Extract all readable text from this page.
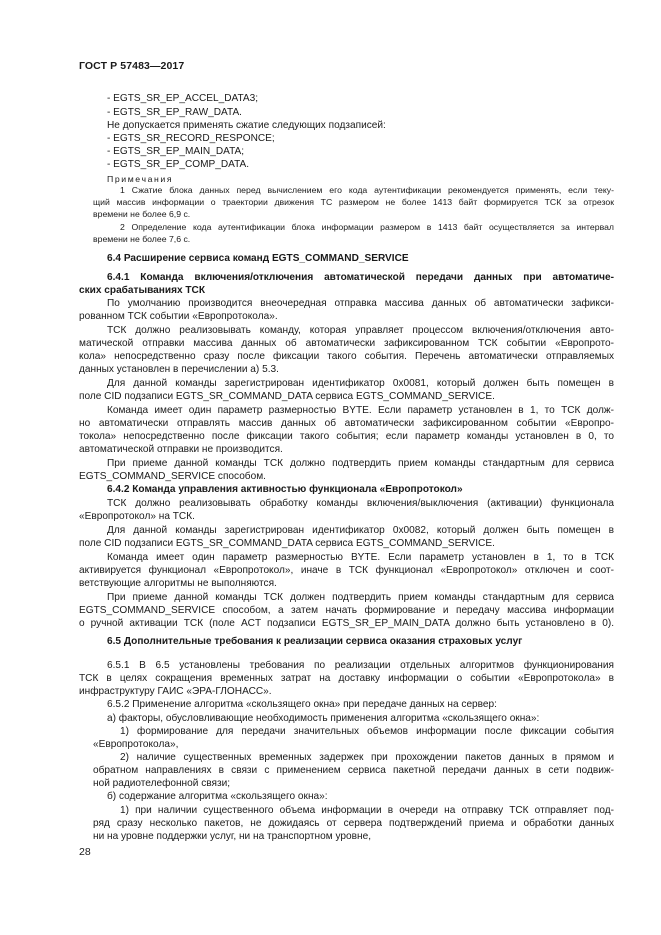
ГОСТ Р 57483—2017
- EGTS_SR_EP_ACCEL_DATA3;
- EGTS_SR_EP_RAW_DATA.
Не допускается применять сжатие следующих подзаписей:
- EGTS_SR_RECORD_RESPONCE;
- EGTS_SR_EP_MAIN_DATA;
- EGTS_SR_EP_COMP_DATA.
Примечания
1 Сжатие блока данных перед вычислением его кода аутентификации рекомендуется применять, если теку-
щий массив информации о траектории движения ТС размером не более 1413 байт формируется ТСК за отрезок
времени не более 6,9 с.
2 Определение кода аутентификации блока информации размером в 1413 байт осуществляется за интервал
времени не более 7,6 с.
6.4 Расширение сервиса команд EGTS_COMMAND_SERVICE
6.4.1 Команда включения/отключения автоматической передачи данных при автоматиче-
ских срабатываниях ТСК
По умолчанию производится внеочередная отправка массива данных об автоматически зафикси-
рованном ТСК событии «Европротокола».
ТСК должно реализовывать команду, которая управляет процессом включения/отключения авто-
матической отправки массива данных об автоматически зафиксированном ТСК событии «Европрото-
кола» непосредственно сразу после фиксации такого события. Перечень автоматически отправляемых
данных установлен в перечислении а) 5.3.
Для данной команды зарегистрирован идентификатор 0x0081, который должен быть помещен в
поле CID подзаписи EGTS_SR_COMMAND_DATA сервиса EGTS_COMMAND_SERVICE.
Команда имеет один параметр размерностью BYTE. Если параметр установлен в 1, то ТСК долж-
но автоматически отправлять массив данных об автоматически зафиксированном событии «Европро-
токола» непосредственно после фиксации такого события; если параметр команды установлен в 0, то
автоматической отправки не производится.
При приеме данной команды ТСК должно подтвердить прием команды стандартным для сервиса
EGTS_COMMAND_SERVICE способом.
6.4.2 Команда управления активностью функционала «Европротокол»
ТСК должно реализовывать обработку команды включения/выключения (активации) функционала
«Европротокол» на ТСК.
Для данной команды зарегистрирован идентификатор 0x0082, который должен быть помещен в
поле CID подзаписи EGTS_SR_COMMAND_DATA сервиса EGTS_COMMAND_SERVICE.
Команда имеет один параметр размерностью BYTE. Если параметр установлен в 1, то в ТСК
активируется функционал «Европротокол», иначе в ТСК функционал «Европротокол» отключен и соот-
ветствующие алгоритмы не выполняются.
При приеме данной команды ТСК должен подтвердить прием команды стандартным для сервиса
EGTS_COMMAND_SERVICE способом, а затем начать формирование и передачу массива информации
о ручной активации ТСК (поле ACT подзаписи EGTS_SR_EP_MAIN_DATA должно быть установлено в 0).
6.5 Дополнительные требования к реализации сервиса оказания страховых услуг
6.5.1 В 6.5 установлены требования по реализации отдельных алгоритмов функционирования
ТСК в целях сокращения временных затрат на доставку информации о событии «Европротокола» в
инфраструктуру ГАИС «ЭРА-ГЛОНАСС».
6.5.2 Применение алгоритма «скользящего окна» при передаче данных на сервер:
а) факторы, обусловливающие необходимость применения алгоритма «скользящего окна»:
1) формирование для передачи значительных объемов информации после фиксации события
«Европротокола»,
2) наличие существенных временных задержек при прохождении пакетов данных в прямом и
обратном направлениях в связи с применением сервиса пакетной передачи данных в сети подвиж-
ной радиотелефонной связи;
б) содержание алгоритма «скользящего окна»:
1) при наличии существенного объема информации в очереди на отправку ТСК отправляет под-
ряд сразу несколько пакетов, не дожидаясь от сервера подтверждений приема и обработки данных
ни на уровне поддержки услуг, ни на транспортном уровне,
28
